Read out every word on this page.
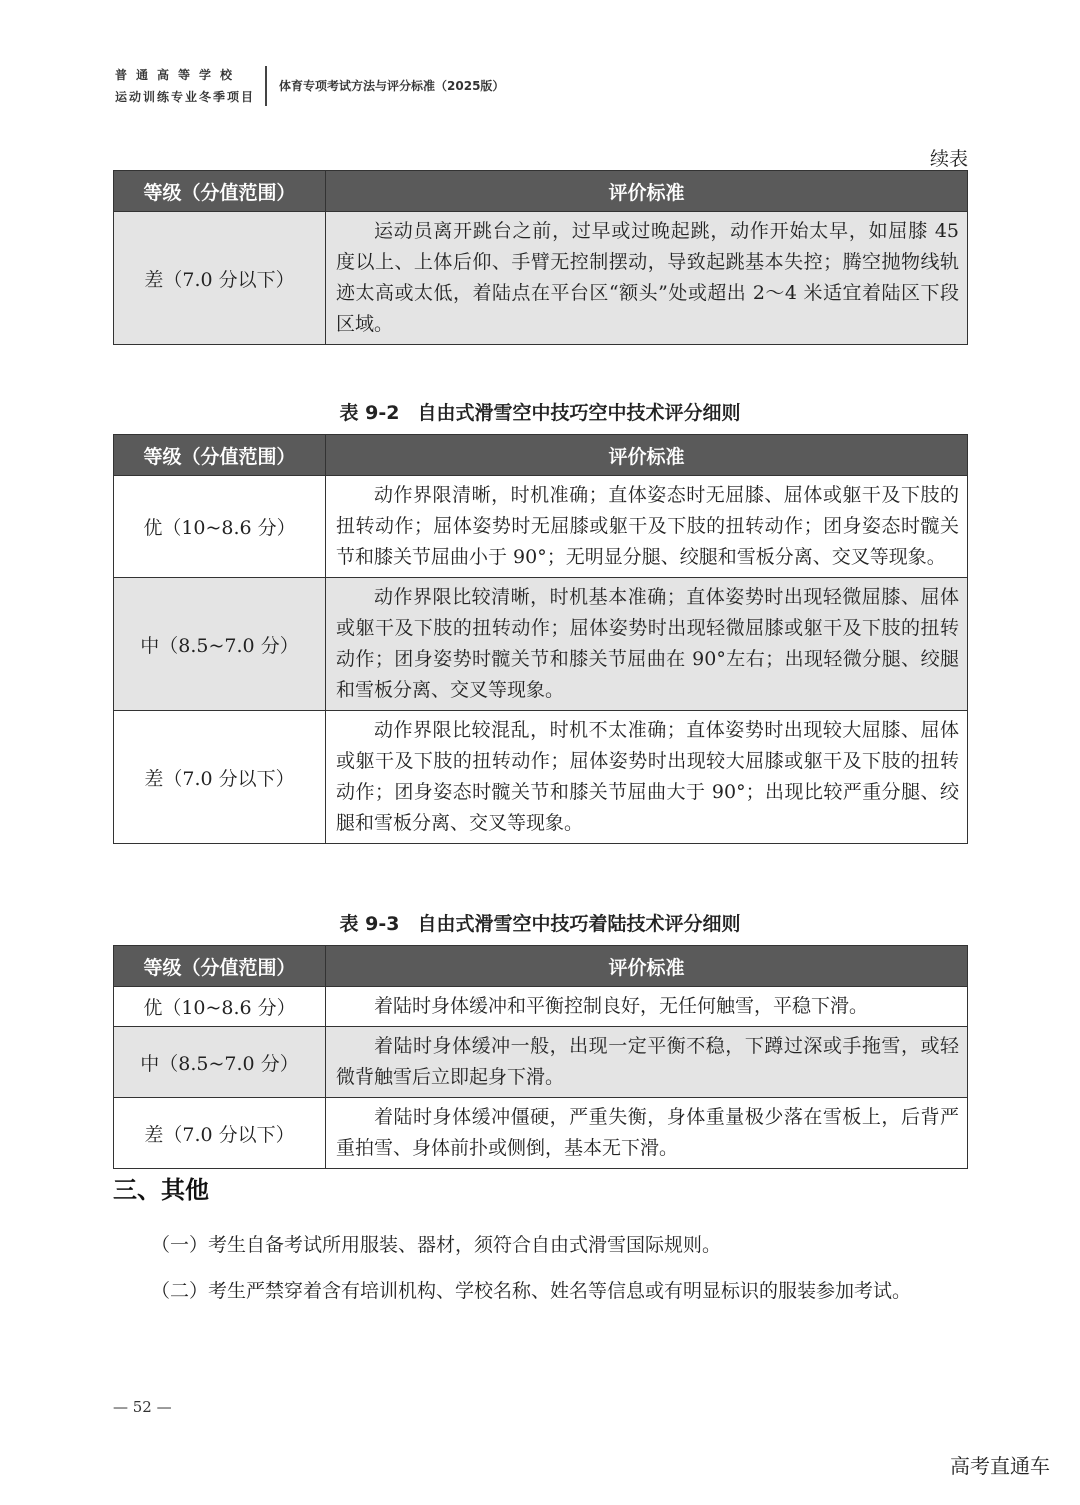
普通高等学校
运动训练专业冬季项目
体育专项考试方法与评分标准（2025版）
续表
等级（分值范围）	评价标准
差（7.0 分以下）	运动员离开跳台之前，过早或过晚起跳，动作开始太早，如屈膝 45 度以上、上体后仰、手臂无控制摆动，导致起跳基本失控；腾空抛物线轨迹太高或太低，着陆点在平台区“额头”处或超出 2～4 米适宜着陆区下段区域。
表 9-2 自由式滑雪空中技巧空中技术评分细则
等级（分值范围）	评价标准
优（10~8.6 分）	动作界限清晰，时机准确；直体姿态时无屈膝、屈体或躯干及下肢的扭转动作；屈体姿势时无屈膝或躯干及下肢的扭转动作；团身姿态时髋关节和膝关节屈曲小于 90°；无明显分腿、绞腿和雪板分离、交叉等现象。
中（8.5~7.0 分）	动作界限比较清晰，时机基本准确；直体姿势时出现轻微屈膝、屈体或躯干及下肢的扭转动作；屈体姿势时出现轻微屈膝或躯干及下肢的扭转动作；团身姿势时髋关节和膝关节屈曲在 90°左右；出现轻微分腿、绞腿和雪板分离、交叉等现象。
差（7.0 分以下）	动作界限比较混乱，时机不太准确；直体姿势时出现较大屈膝、屈体或躯干及下肢的扭转动作；屈体姿势时出现较大屈膝或躯干及下肢的扭转动作；团身姿态时髋关节和膝关节屈曲大于 90°；出现比较严重分腿、绞腿和雪板分离、交叉等现象。
表 9-3 自由式滑雪空中技巧着陆技术评分细则
等级（分值范围）	评价标准
优（10~8.6 分）	着陆时身体缓冲和平衡控制良好，无任何触雪，平稳下滑。
中（8.5~7.0 分）	着陆时身体缓冲一般，出现一定平衡不稳，下蹲过深或手拖雪，或轻微背触雪后立即起身下滑。
差（7.0 分以下）	着陆时身体缓冲僵硬，严重失衡，身体重量极少落在雪板上，后背严重拍雪、身体前扑或侧倒，基本无下滑。
三、其他
（一）考生自备考试所用服装、器材，须符合自由式滑雪国际规则。
（二）考生严禁穿着含有培训机构、学校名称、姓名等信息或有明显标识的服装参加考试。
— 52 —
高考直通车
